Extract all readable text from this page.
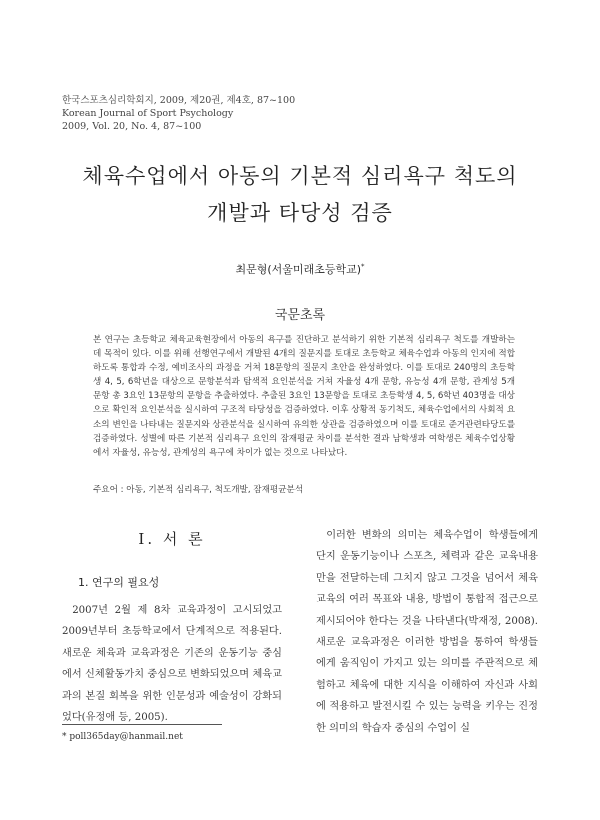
한국스포츠심리학회지, 2009, 제20권, 제4호, 87~100
Korean Journal of Sport Psychology
2009, Vol. 20, No. 4, 87~100
체육수업에서 아동의 기본적 심리욕구 척도의
개발과 타당성 검증
최문형(서울미래초등학교)*
국문초록
본 연구는 초등학교 체육교육현장에서 아동의 욕구를 진단하고 분석하기 위한 기본적 심리욕구 척도를 개발하는데 목적이 있다. 이를 위해 선행연구에서 개발된 4개의 질문지를 토대로 초등학교 체육수업과 아동의 인지에 적합하도록 통합과 수정, 예비조사의 과정을 거쳐 18문항의 질문지 초안을 완성하였다. 이를 토대로 240명의 초등학생 4, 5, 6학년을 대상으로 문항분석과 탐색적 요인분석을 거쳐 자율성 4개 문항, 유능성 4개 문항, 관계성 5개 문항 총 3요인 13문항의 문항을 추출하였다. 추출된 3요인 13문항을 토대로 초등학생 4, 5, 6학년 403명을 대상으로 확인적 요인분석을 실시하여 구조적 타당성을 검증하였다. 이후 상황적 동기척도, 체육수업에서의 사회적 요소의 변인을 나타내는 질문지와 상관분석을 실시하여 유의한 상관을 검증하였으며 이를 토대로 준거관련타당도를 검증하였다. 성별에 따른 기본적 심리욕구 요인의 잠재평균 차이를 분석한 결과 남학생과 여학생은 체육수업상황에서 자율성, 유능성, 관계성의 욕구에 차이가 없는 것으로 나타났다.
주요어 : 아동, 기본적 심리욕구, 척도개발, 잠재평균분석
I. 서 론
1. 연구의 필요성

2007년 2월 제 8차 교육과정이 고시되었고 2009년부터 초등학교에서 단계적으로 적용된다. 새로운 체육과 교육과정은 기존의 운동기능 중심에서 신체활동가치 중심으로 변화되었으며 체육교과의 본질 회복을 위한 인문성과 예술성이 강화되었다(유정애 등, 2005).

이러한 변화의 의미는 체육수업이 학생들에게 단지 운동기능이나 스포츠, 체력과 같은 교육내용만을 전달하는데 그치지 않고 그것을 넘어서 체육교육의 여러 목표와 내용, 방법이 통합적 접근으로 제시되어야 한다는 것을 나타낸다(박재정, 2008). 새로운 교육과정은 이러한 방법을 통하여 학생들에게 움직임이 가지고 있는 의미를 주관적으로 체험하고 체육에 대한 지식을 이해하여 자신과 사회에 적용하고 발전시킬 수 있는 능력을 키우는 진정한 의미의 학습자 중심의 수업이 실

* poll365day@hanmail.net
